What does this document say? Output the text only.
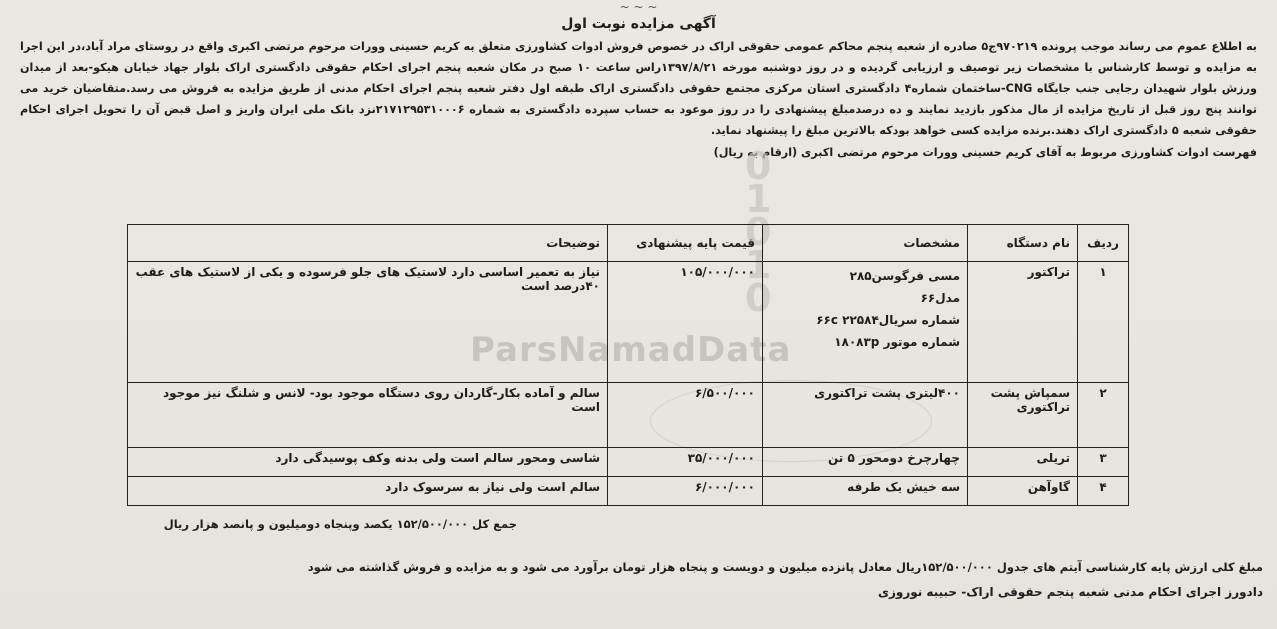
~ ~ ~
آگهی مزایده نوبت اول

به اطلاع عموم می رساند موجب پرونده ۹۷۰۲۱۹ج۵ صادره از شعبه پنجم محاکم عمومی حقوقی اراک در خصوص فروش ادوات کشاورزی متعلق به کریم حسینی وورات مرحوم مرتضی اکبری واقع در روستای مراد آباد،در این اجرا به مزایده و توسط کارشناس با مشخصات زیر توصیف و ارزیابی گردیده و در روز دوشنبه مورخه ۱۳۹۷/۸/۲۱راس ساعت ۱۰ صبح در مکان شعبه پنجم اجرای احکام حقوقی دادگستری اراک بلوار جهاد خیابان هیکو-بعد از میدان ورزش بلوار شهیدان رجایی جنب جایگاه CNG-ساختمان شماره۴ دادگستری استان مرکزی مجتمع حقوقی دادگستری اراک طبقه اول دفتر شعبه پنجم اجرای احکام مدنی از طریق مزایده به فروش می رسد.متقاضیان خرید می توانند پنج روز قبل از تاریخ مزایده از مال مذکور بازدید نمایند و ده درصدمبلغ پیشنهادی را در روز موعود به حساب سپرده دادگستری به شماره ۲۱۷۱۲۹۵۳۱۰۰۰۶نزد بانک ملی ایران واریز و اصل قبض آن را تحویل اجرای احکام حقوقی شعبه ۵ دادگستری اراک دهند.برنده مزایده کسی خواهد بودکه بالاترین مبلغ را پیشنهاد نماید.

فهرست ادوات کشاورزی مربوط به آقای کریم حسینی وورات مرحوم مرتضی اکبری (ارقام به ریال)
0
1
0
1
0
ParsNamadData
ردیف	نام دستگاه	مشخصات	قیمت پایه پیشنهادی	توضیحات
۱	تراکتور	مسی فرگوسن۲۸۵
مدل۶۶
شماره سریال۲۲۵۸۴ ۶۶c
شماره موتور ۱۸۰۸۳p	۱۰۵/۰۰۰/۰۰۰	نیاز به تعمیر اساسی دارد لاستیک های جلو فرسوده و یکی از لاستیک های عقب ۴۰درصد است
۲	سمپاش پشت تراکتوری	۴۰۰لیتری پشت تراکتوری	۶/۵۰۰/۰۰۰	سالم و آماده بکار-گاردان روی دستگاه موجود بود- لانس و شلنگ نیز موجود است
۳	تریلی	چهارچرخ دومحور ۵ تن	۳۵/۰۰۰/۰۰۰	شاسی ومحور سالم است ولی بدنه وکف پوسیدگی دارد
۴	گاوآهن	سه خیش یک طرفه	۶/۰۰۰/۰۰۰	سالم است ولی نیاز به سرسوک دارد
جمع کل ۱۵۲/۵۰۰/۰۰۰ یکصد وپنجاه دومیلیون و پانصد هزار ریال
مبلغ کلی ارزش پایه کارشناسی آیتم های جدول ۱۵۲/۵۰۰/۰۰۰ریال معادل پانزده میلیون و دویست و پنجاه هزار تومان برآورد می شود و به مزایده و فروش گذاشته می شود
دادورز اجرای احکام مدنی شعبه پنجم حقوقی اراک- حبیبه نوروزی
